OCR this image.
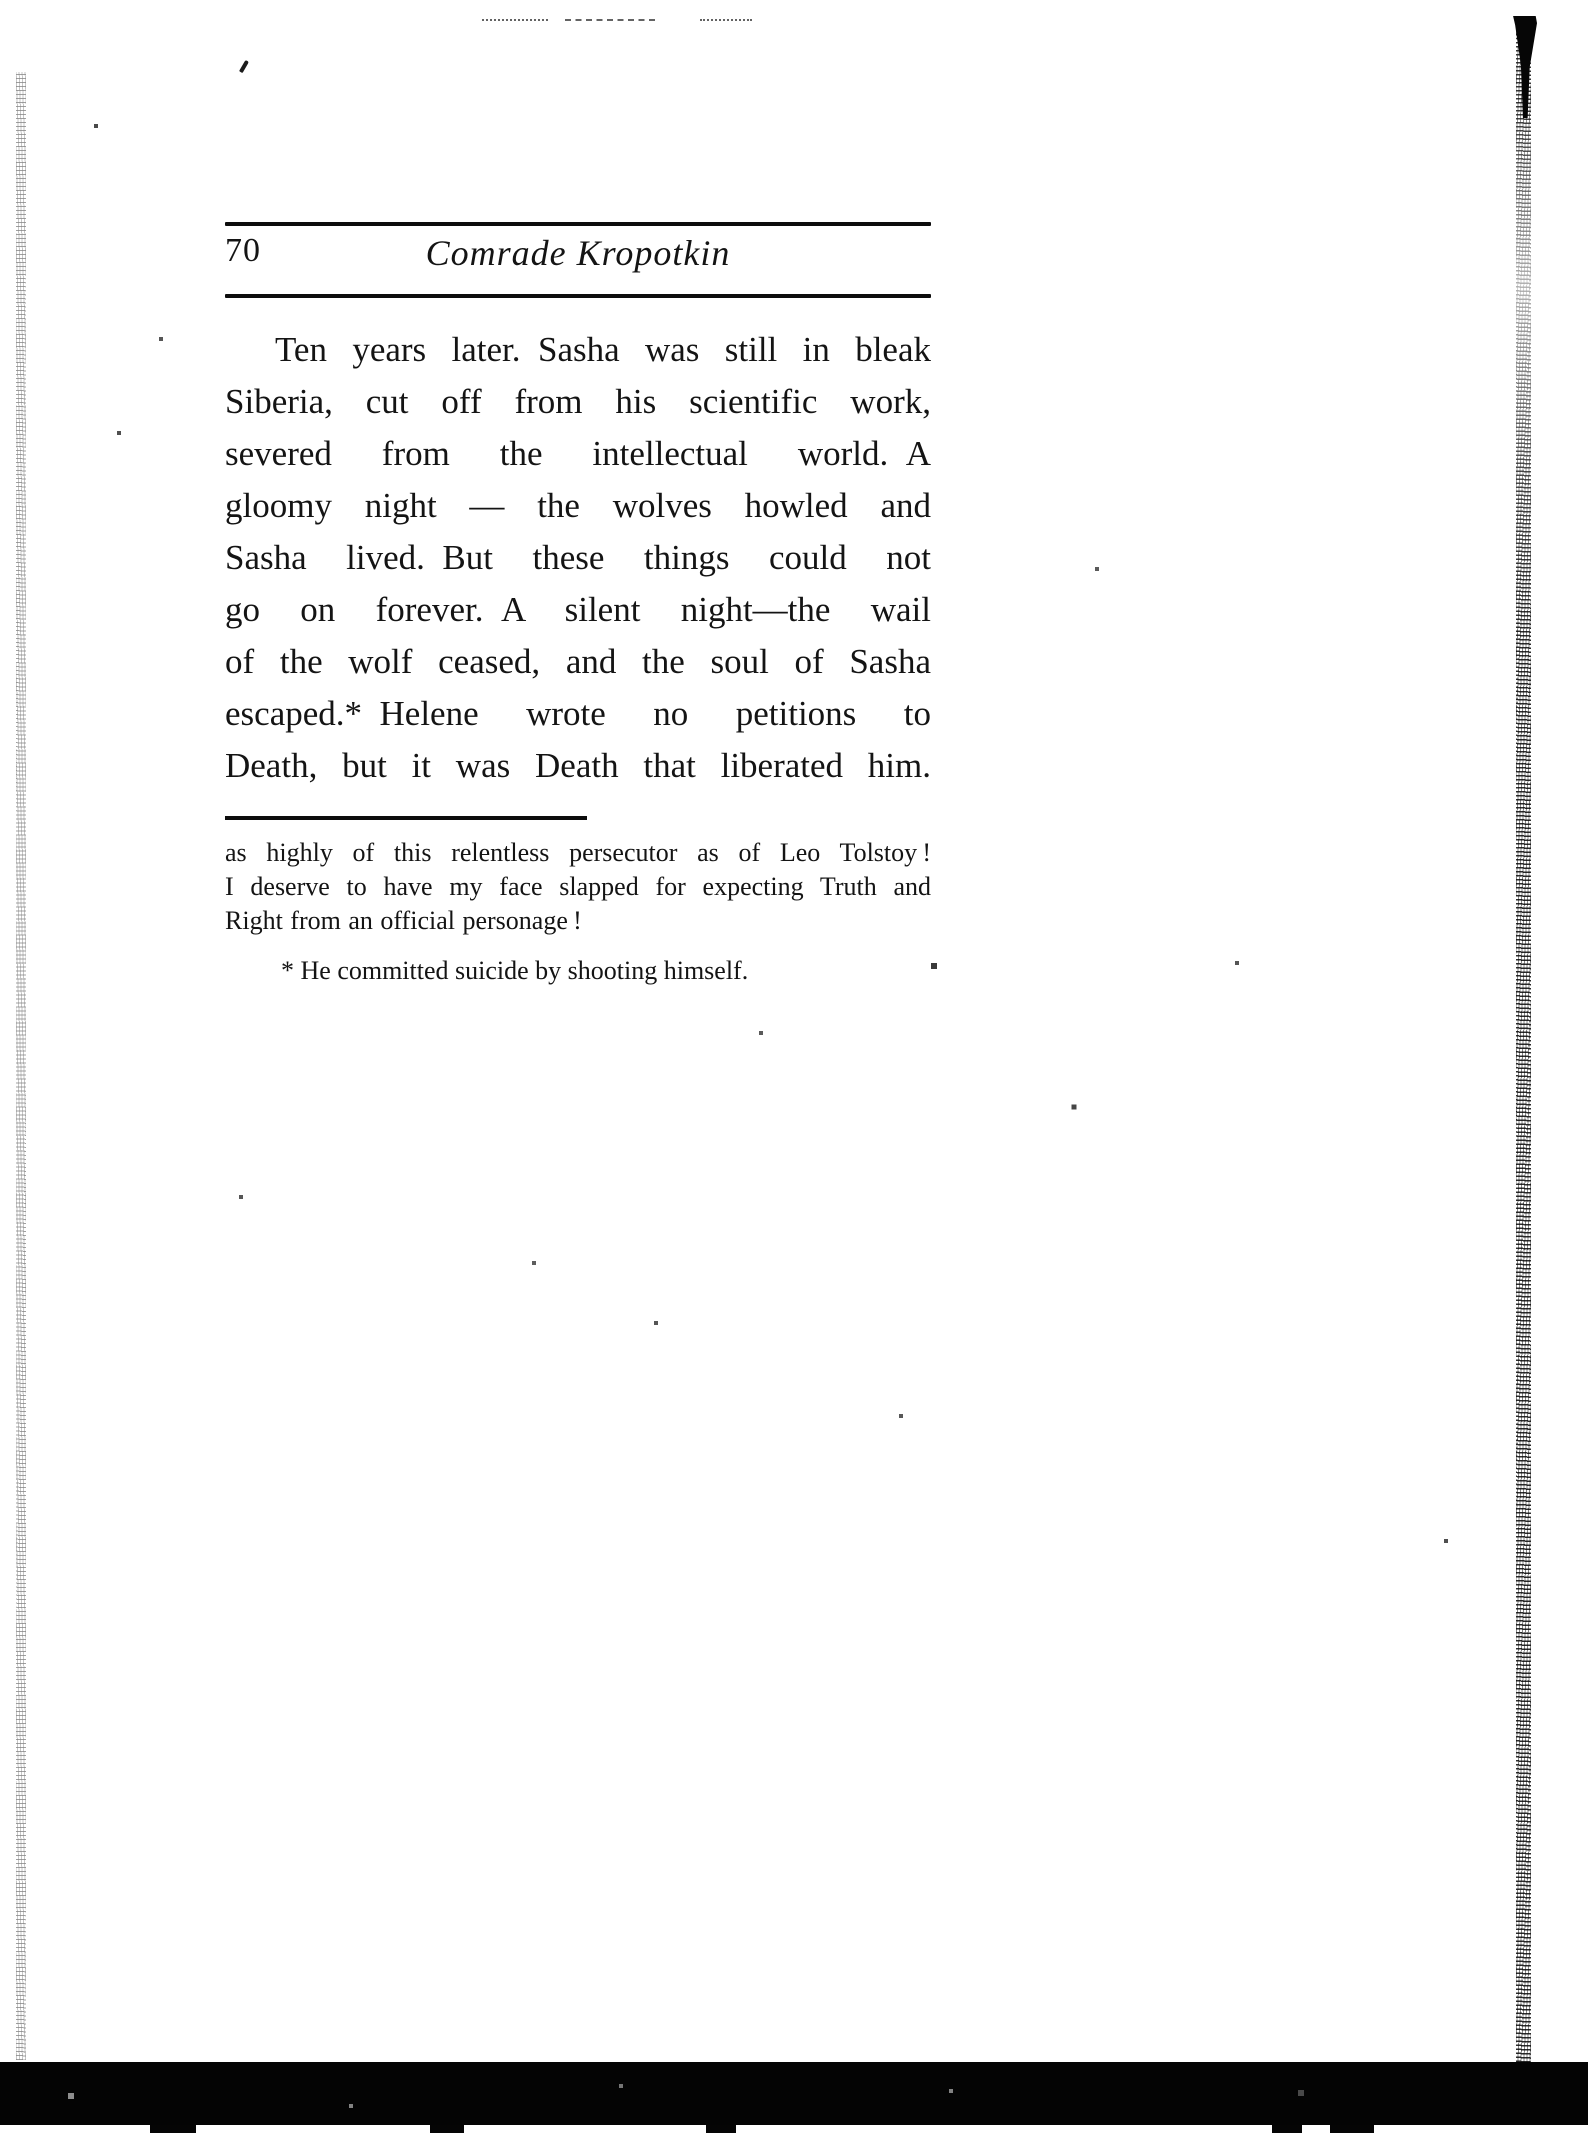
70	Comrade Kropotkin
Ten years later. Sasha was still in bleak
Siberia, cut off from his scientific work,
severed from the intellectual world. A
gloomy night — the wolves howled and
Sasha lived. But these things could not
go on forever. A silent night—the wail
of the wolf ceased, and the soul of Sasha
escaped.* Helene wrote no petitions to
Death, but it was Death that liberated him.
as highly of this relentless persecutor as of Leo Tolstoy !
I deserve to have my face slapped for expecting Truth and
Right from an official personage !
* He committed suicide by shooting himself.
